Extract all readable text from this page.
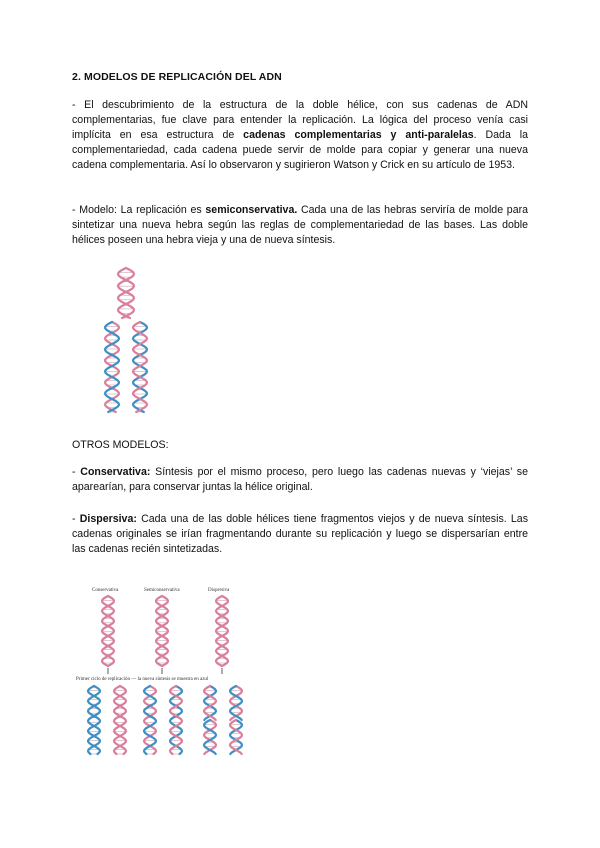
2. MODELOS DE REPLICACIÓN DEL ADN

- El descubrimiento de la estructura de la doble hélice, con sus cadenas de ADN complementarias, fue clave para entender la replicación. La lógica del proceso venía casi implícita en esa estructura de cadenas complementarias y anti-paralelas. Dada la complementariedad, cada cadena puede servir de molde para copiar y generar una nueva cadena complementaria. Así lo observaron y sugirieron Watson y Crick en su artículo de 1953.

- Modelo: La replicación es semiconservativa. Cada una de las hebras serviría de molde para sintetizar una nueva hebra según las reglas de complementariedad de las bases. Las doble hélices poseen una hebra vieja y una de nueva síntesis.

OTROS MODELOS:

- Conservativa: Síntesis por el mismo proceso, pero luego las cadenas nuevas y ‘viejas’ se aparearían, para conservar juntas la hélice original.

- Dispersiva: Cada una de las doble hélices tiene fragmentos viejos y de nueva síntesis. Las cadenas originales se irían fragmentando durante su replicación y luego se dispersarían entre las cadenas recién sintetizadas.

Conservativa	Semiconservativa	Dispersiva
Primer ciclo de replicación — la nueva síntesis se muestra en azul
